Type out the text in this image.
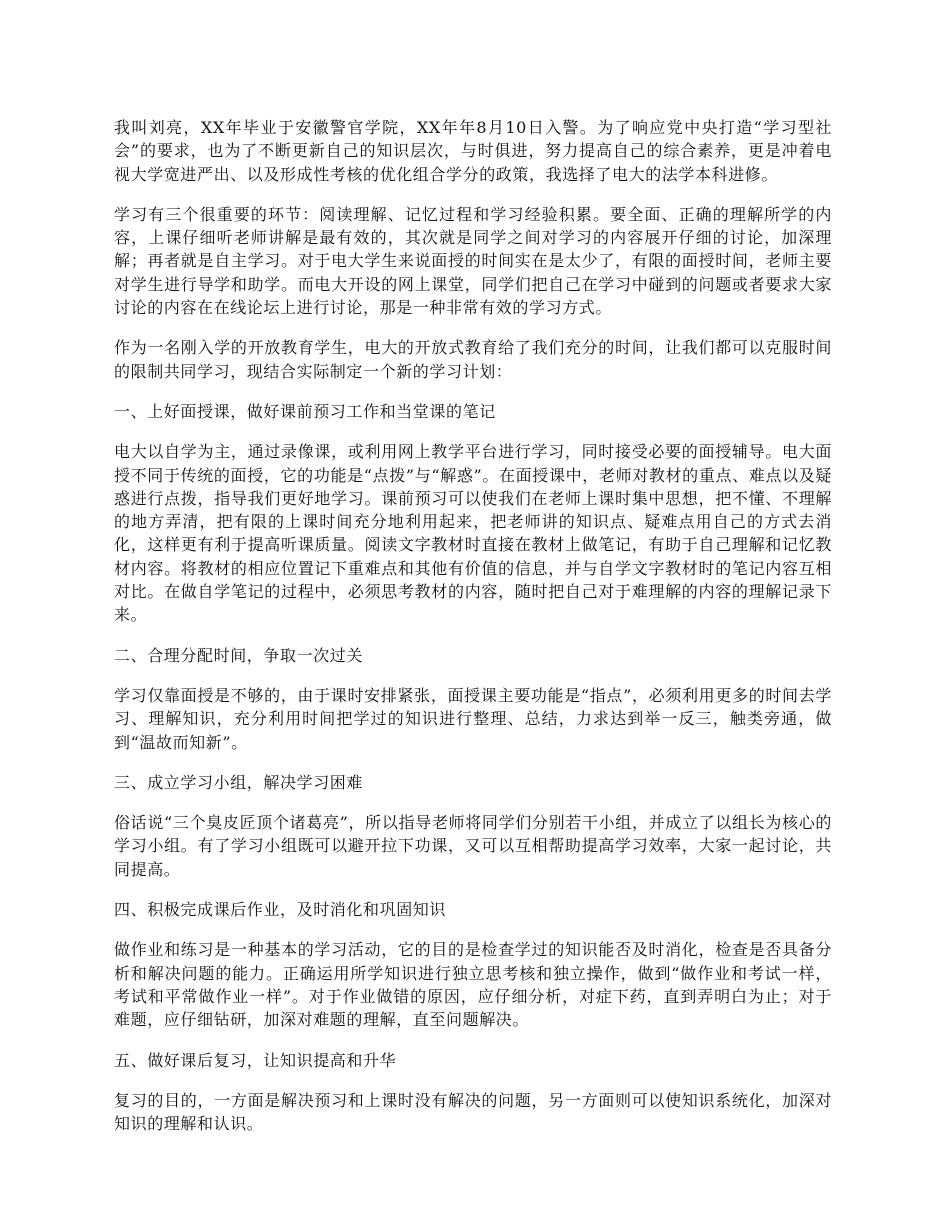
我叫刘亮，XX年毕业于安徽警官学院，XX年年8月10日入警。为了响应党中央打造“学习型社会”的要求，也为了不断更新自己的知识层次，与时俱进，努力提高自己的综合素养，更是冲着电视大学宽进严出、以及形成性考核的优化组合学分的政策，我选择了电大的法学本科进修。

学习有三个很重要的环节：阅读理解、记忆过程和学习经验积累。要全面、正确的理解所学的内容，上课仔细听老师讲解是最有效的，其次就是同学之间对学习的内容展开仔细的讨论，加深理解；再者就是自主学习。对于电大学生来说面授的时间实在是太少了，有限的面授时间，老师主要对学生进行导学和助学。而电大开设的网上课堂，同学们把自己在学习中碰到的问题或者要求大家讨论的内容在在线论坛上进行讨论，那是一种非常有效的学习方式。

作为一名刚入学的开放教育学生，电大的开放式教育给了我们充分的时间，让我们都可以克服时间的限制共同学习，现结合实际制定一个新的学习计划：

一、上好面授课，做好课前预习工作和当堂课的笔记

电大以自学为主，通过录像课，或利用网上教学平台进行学习，同时接受必要的面授辅导。电大面授不同于传统的面授，它的功能是“点拨”与“解惑”。在面授课中，老师对教材的重点、难点以及疑惑进行点拨，指导我们更好地学习。课前预习可以使我们在老师上课时集中思想，把不懂、不理解的地方弄清，把有限的上课时间充分地利用起来，把老师讲的知识点、疑难点用自己的方式去消化，这样更有利于提高听课质量。阅读文字教材时直接在教材上做笔记，有助于自己理解和记忆教材内容。将教材的相应位置记下重难点和其他有价值的信息，并与自学文字教材时的笔记内容互相对比。在做自学笔记的过程中，必须思考教材的内容，随时把自己对于难理解的内容的理解记录下来。

二、合理分配时间，争取一次过关

学习仅靠面授是不够的，由于课时安排紧张，面授课主要功能是“指点”，必须利用更多的时间去学习、理解知识，充分利用时间把学过的知识进行整理、总结，力求达到举一反三，触类旁通，做到“温故而知新”。

三、成立学习小组，解决学习困难

俗话说“三个臭皮匠顶个诸葛亮”，所以指导老师将同学们分别若干小组，并成立了以组长为核心的学习小组。有了学习小组既可以避开拉下功课，又可以互相帮助提高学习效率，大家一起讨论，共同提高。

四、积极完成课后作业，及时消化和巩固知识

做作业和练习是一种基本的学习活动，它的目的是检查学过的知识能否及时消化，检查是否具备分析和解决问题的能力。正确运用所学知识进行独立思考核和独立操作，做到“做作业和考试一样，考试和平常做作业一样”。对于作业做错的原因，应仔细分析，对症下药，直到弄明白为止；对于难题，应仔细钻研，加深对难题的理解，直至问题解决。

五、做好课后复习，让知识提高和升华

复习的目的，一方面是解决预习和上课时没有解决的问题，另一方面则可以使知识系统化，加深对知识的理解和认识。
